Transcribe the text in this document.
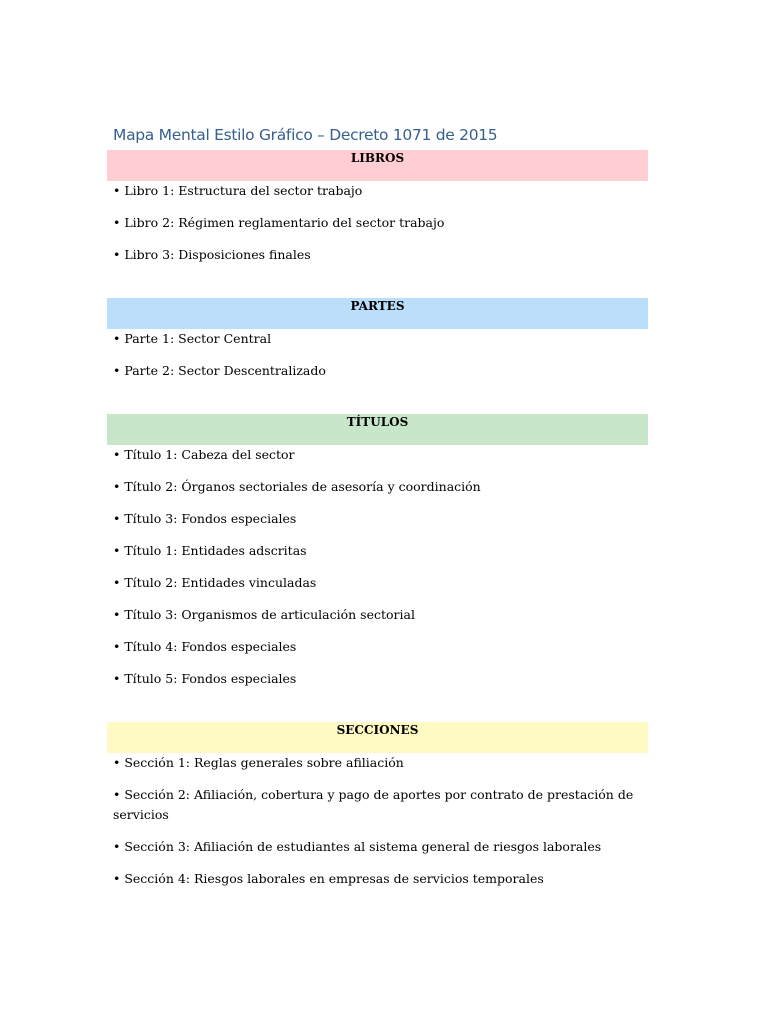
Mapa Mental Estilo Gráfico – Decreto 1071 de 2015
LIBROS
• Libro 1: Estructura del sector trabajo
• Libro 2: Régimen reglamentario del sector trabajo
• Libro 3: Disposiciones finales
PARTES
• Parte 1: Sector Central
• Parte 2: Sector Descentralizado
TÍTULOS
• Título 1: Cabeza del sector
• Título 2: Órganos sectoriales de asesoría y coordinación
• Título 3: Fondos especiales
• Título 1: Entidades adscritas
• Título 2: Entidades vinculadas
• Título 3: Organismos de articulación sectorial
• Título 4: Fondos especiales
• Título 5: Fondos especiales
SECCIONES
• Sección 1: Reglas generales sobre afiliación
• Sección 2: Afiliación, cobertura y pago de aportes por contrato de prestación de servicios
• Sección 3: Afiliación de estudiantes al sistema general de riesgos laborales
• Sección 4: Riesgos laborales en empresas de servicios temporales
